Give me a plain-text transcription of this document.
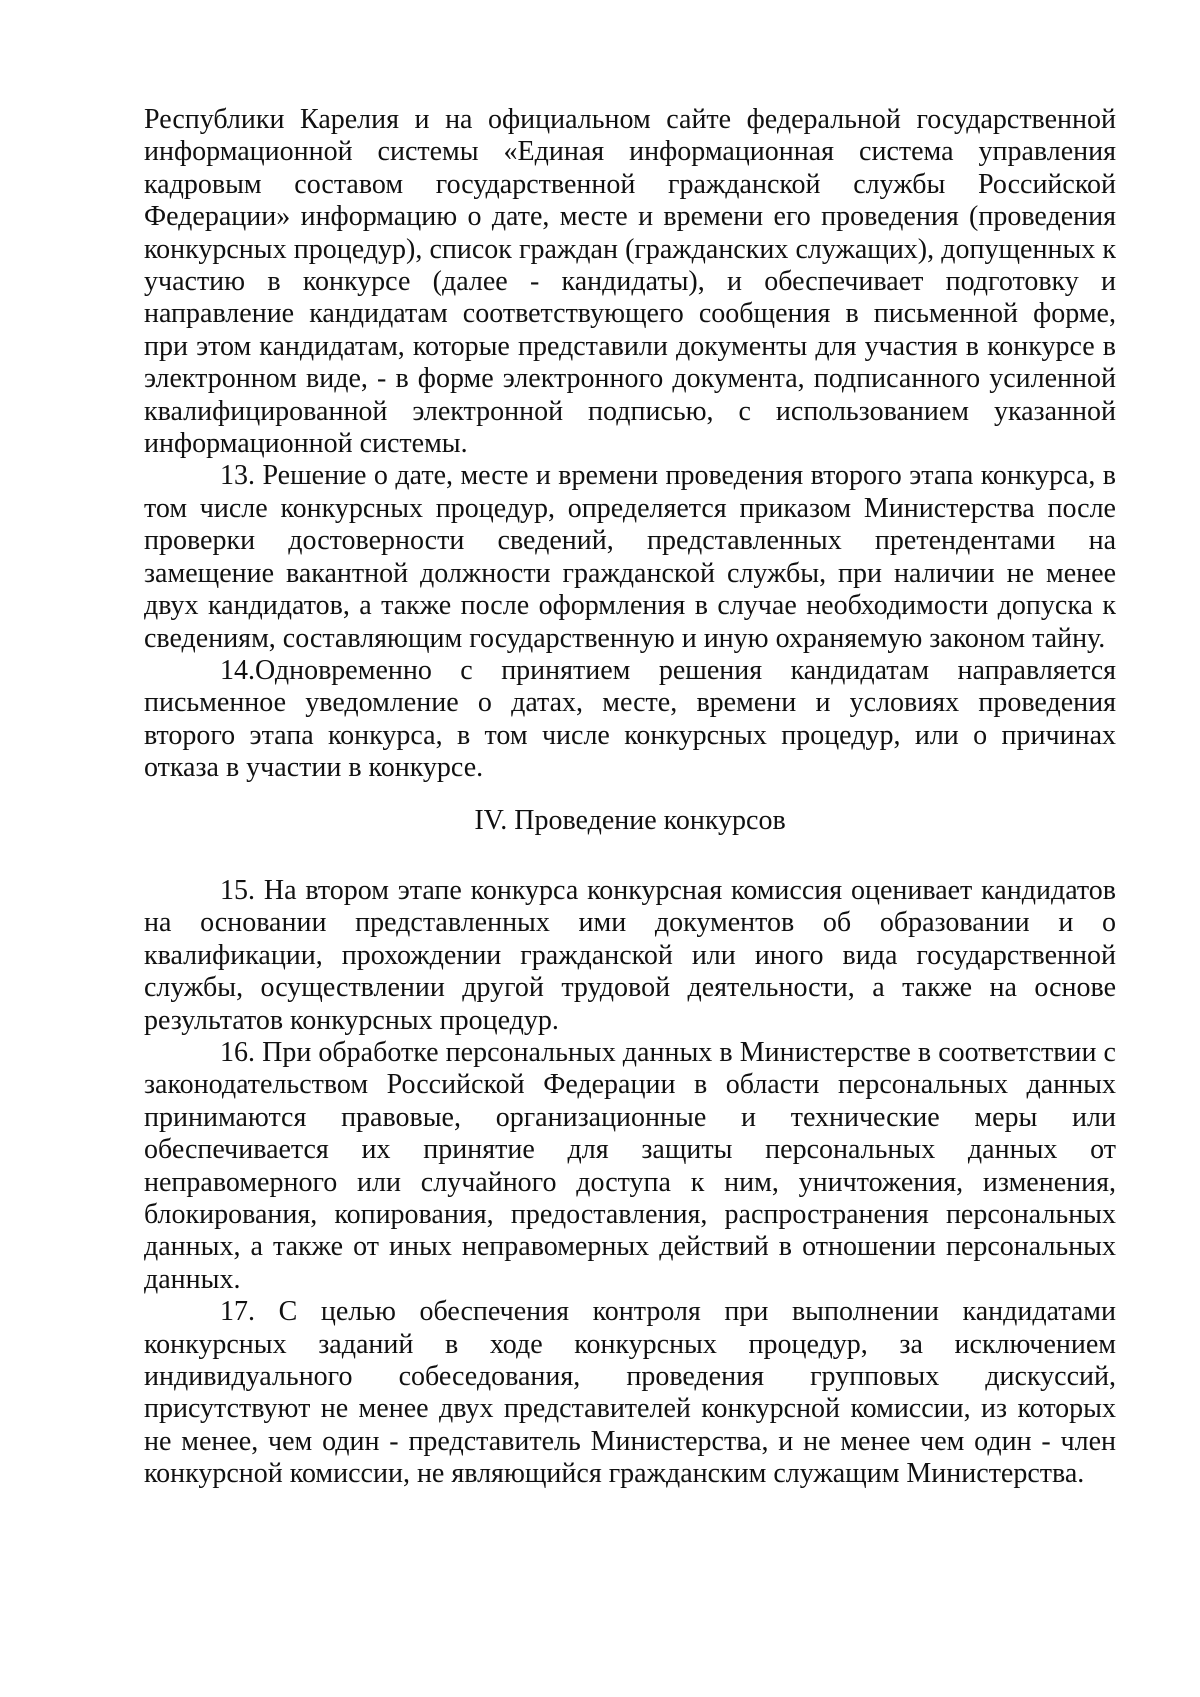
Республики Карелия и на официальном сайте федеральной государственной информационной системы «Единая информационная система управления кадровым составом государственной гражданской службы Российской Федерации» информацию о дате, месте и времени его проведения (проведения конкурсных процедур), список граждан (гражданских служащих), допущенных к участию в конкурсе (далее - кандидаты), и обеспечивает подготовку и направление кандидатам соответствующего сообщения в письменной форме, при этом кандидатам, которые представили документы для участия в конкурсе в электронном виде, - в форме электронного документа, подписанного усиленной квалифицированной электронной подписью, с использованием указанной информационной системы.

13. Решение о дате, месте и времени проведения второго этапа конкурса, в том числе конкурсных процедур, определяется приказом Министерства после проверки достоверности сведений, представленных претендентами на замещение вакантной должности гражданской службы, при наличии не менее двух кандидатов, а также после оформления в случае необходимости допуска к сведениям, составляющим государственную и иную охраняемую законом тайну.

14.Одновременно с принятием решения кандидатам направляется письменное уведомление о датах, месте, времени и условиях проведения второго этапа конкурса, в том числе конкурсных процедур, или о причинах отказа в участии в конкурсе.

IV. Проведение конкурсов

15. На втором этапе конкурса конкурсная комиссия оценивает кандидатов на основании представленных ими документов об образовании и о квалификации, прохождении гражданской или иного вида государственной службы, осуществлении другой трудовой деятельности, а также на основе результатов конкурсных процедур.

16. При обработке персональных данных в Министерстве в соответствии с законодательством Российской Федерации в области персональных данных принимаются правовые, организационные и технические меры или обеспечивается их принятие для защиты персональных данных от неправомерного или случайного доступа к ним, уничтожения, изменения, блокирования, копирования, предоставления, распространения персональных данных, а также от иных неправомерных действий в отношении персональных данных.

17. С целью обеспечения контроля при выполнении кандидатами конкурсных заданий в ходе конкурсных процедур, за исключением индивидуального собеседования, проведения групповых дискуссий, присутствуют не менее двух представителей конкурсной комиссии, из которых не менее, чем один - представитель Министерства, и не менее чем один - член конкурсной комиссии, не являющийся гражданским служащим Министерства.
